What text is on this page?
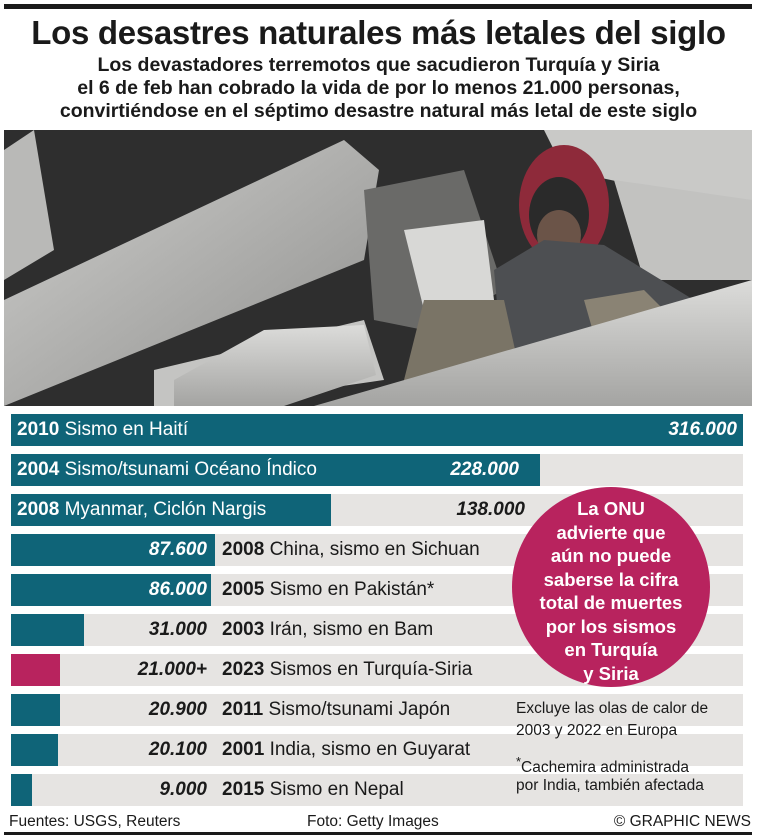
Los desastres naturales más letales del siglo
Los devastadores terremotos que sacudieron Turquía y Siria
el 6 de feb han cobrado la vida de por lo menos 21.000 personas,
convirtiéndose en el séptimo desastre natural más letal de este siglo
2010 Sismo en Haití	316.000
2004 Sismo/tsunami Océano Índico	228.000
2008 Myanmar, Ciclón Nargis	138.000
87.600 2008 China, sismo en Sichuan
86.000 2005 Sismo en Pakistán*
31.000 2003 Irán, sismo en Bam
21.000+ 2023 Sismos en Turquía-Siria
20.900 2011 Sismo/tsunami Japón
20.100 2001 India, sismo en Guyarat
9.000 2015 Sismo en Nepal
La ONU
advierte que
aún no puede
saberse la cifra
total de muertes
por los sismos
en Turquía
y Siria
Excluye las olas de calor de
2003 y 2022 en Europa
*Cachemira administrada
por India, también afectada
Fuentes: USGS, Reuters	Foto: Getty Images	© GRAPHIC NEWS
